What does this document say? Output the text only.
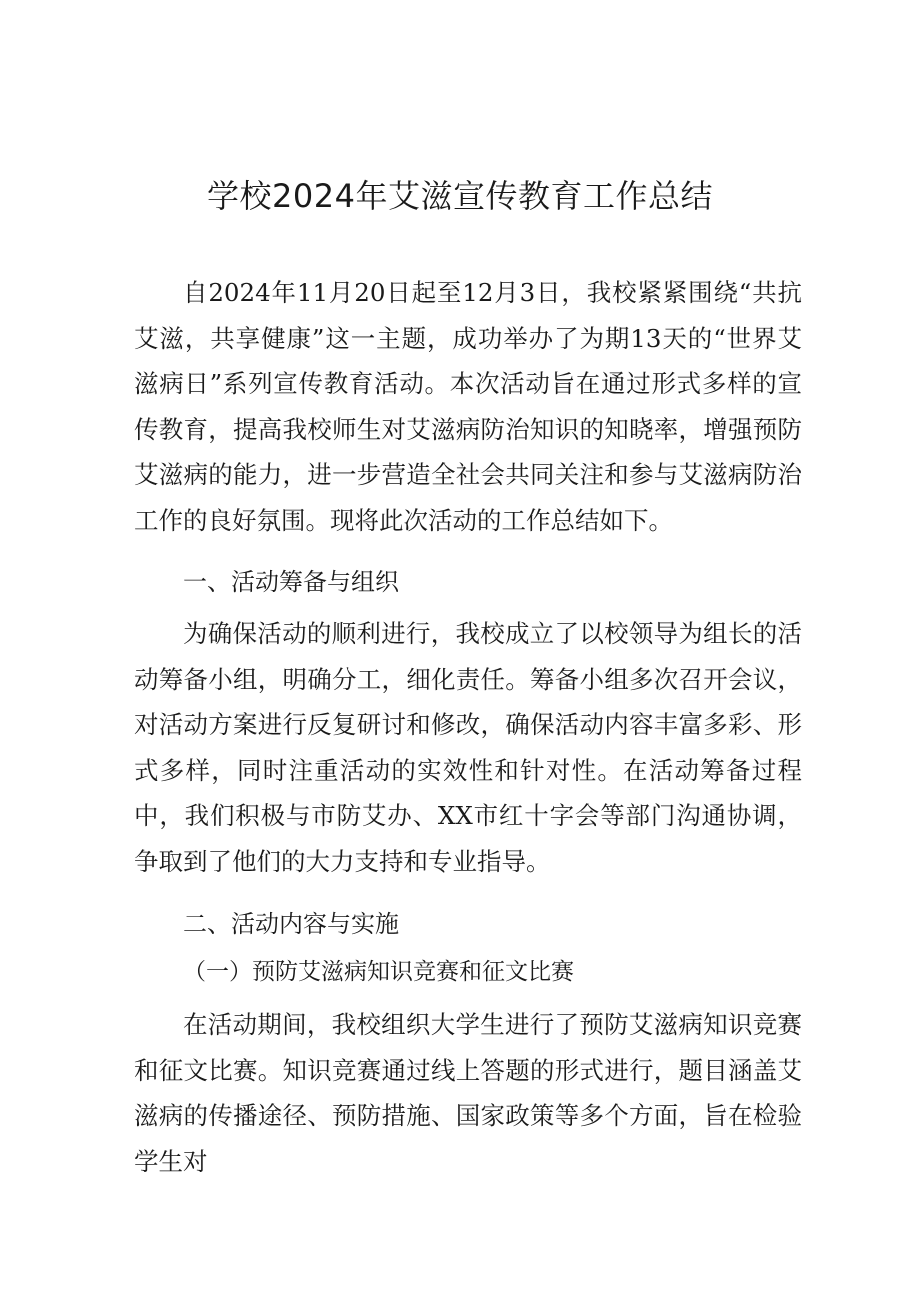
学校2024年艾滋宣传教育工作总结

自2024年11月20日起至12月3日，我校紧紧围绕“共抗艾滋，共享健康”这一主题，成功举办了为期13天的“世界艾滋病日”系列宣传教育活动。本次活动旨在通过形式多样的宣传教育，提高我校师生对艾滋病防治知识的知晓率，增强预防艾滋病的能力，进一步营造全社会共同关注和参与艾滋病防治工作的良好氛围。现将此次活动的工作总结如下。

一、活动筹备与组织

为确保活动的顺利进行，我校成立了以校领导为组长的活动筹备小组，明确分工，细化责任。筹备小组多次召开会议，对活动方案进行反复研讨和修改，确保活动内容丰富多彩、形式多样，同时注重活动的实效性和针对性。在活动筹备过程中，我们积极与市防艾办、XX市红十字会等部门沟通协调，争取到了他们的大力支持和专业指导。

二、活动内容与实施
（一）预防艾滋病知识竞赛和征文比赛

在活动期间，我校组织大学生进行了预防艾滋病知识竞赛和征文比赛。知识竞赛通过线上答题的形式进行，题目涵盖艾滋病的传播途径、预防措施、国家政策等多个方面，旨在检验学生对
